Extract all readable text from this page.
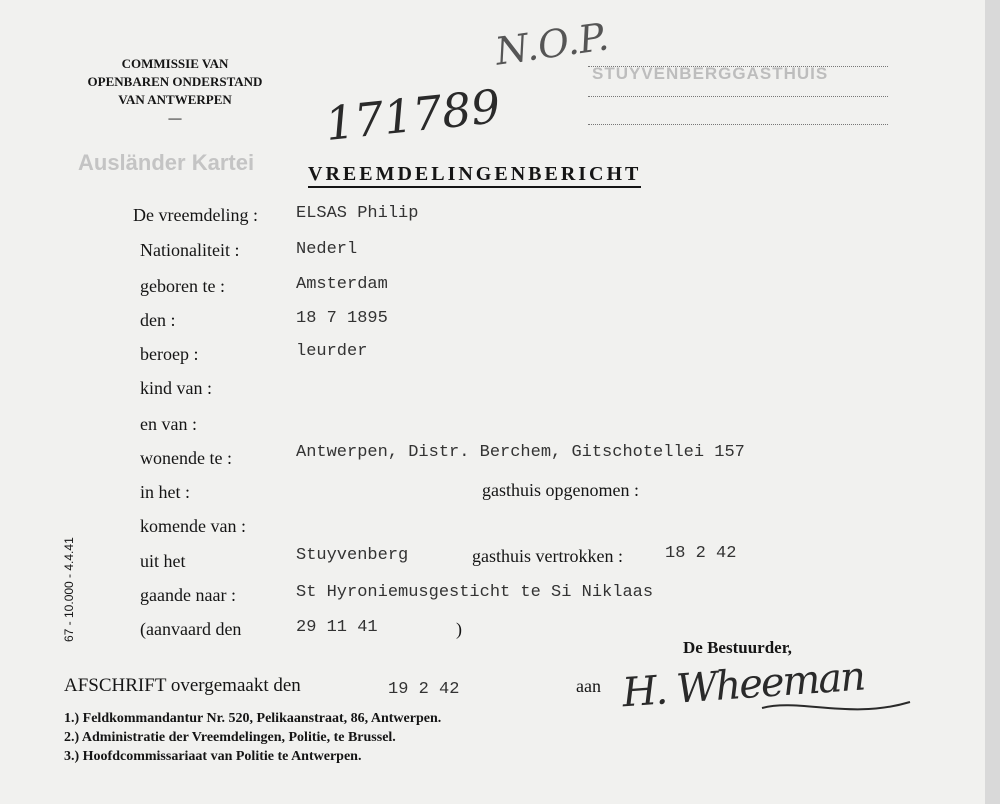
COMMISSIE VAN
OPENBAREN ONDERSTAND
VAN ANTWERPEN
—
N.O.P.
171789
STUYVENBERGGASTHUIS
Ausländer Kartei	VREEMDELINGENBERICHT
De vreemdeling : ELSAS Philip
Nationaliteit :	Nederl
geboren te :	Amsterdam
den :	18 7 1895
beroep :	leurder
kind van :
en van :
wonende te :	Antwerpen, Distr. Berchem, Gitschotellei 157
in het :	gasthuis opgenomen :
komende van :
uit het	Stuyvenberg	gasthuis vertrokken : 18 2 42
gaande naar :	St Hyroniemusgesticht te Si Niklaas
(aanvaard den	29 11 41	)
67 - 10.000 - 4.4.41
De Bestuurder,
H. Wheeman
AFSCHRIFT overgemaakt den	19 2 42	aan
1.) Feldkommandantur Nr. 520, Pelikaanstraat, 86, Antwerpen.
2.) Administratie der Vreemdelingen, Politie, te Brussel.
3.) Hoofdcommissariaat van Politie te Antwerpen.
